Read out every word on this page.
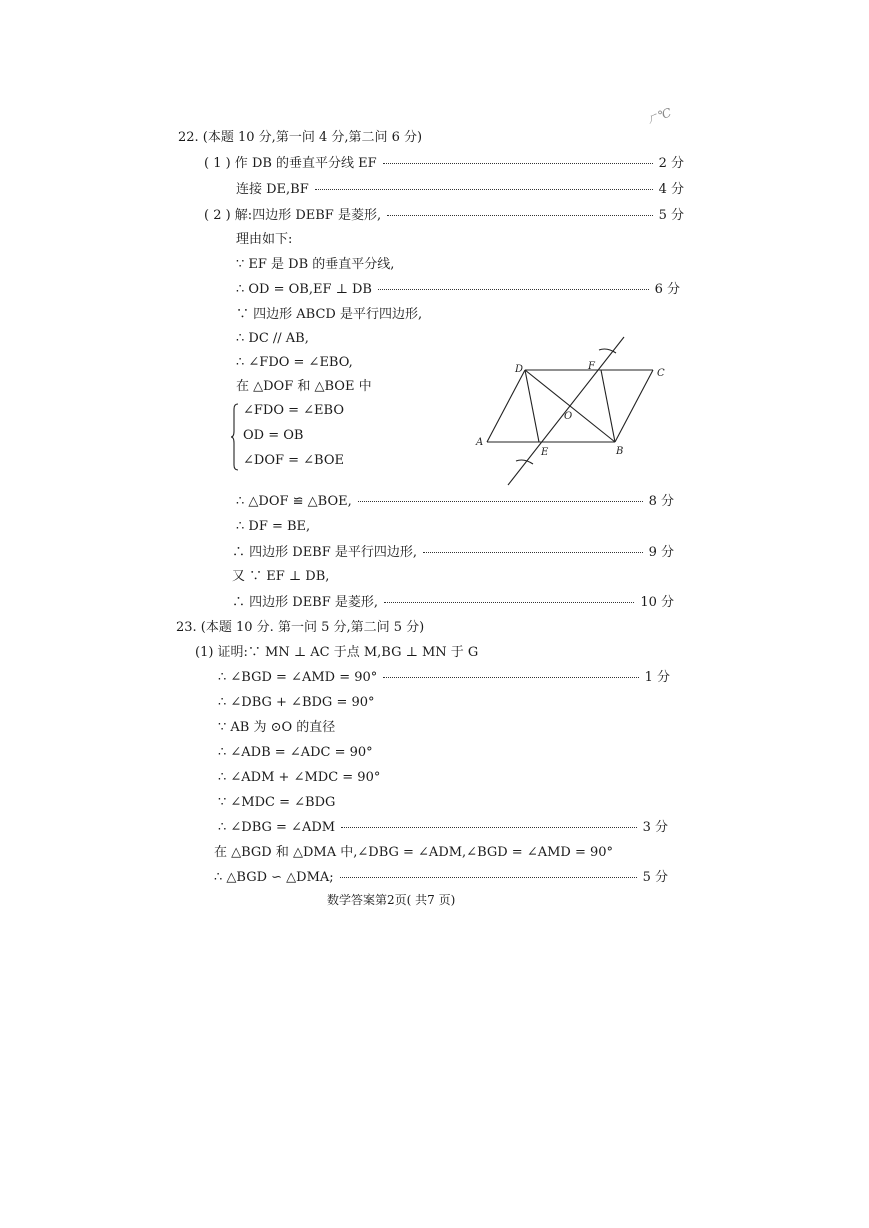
ㄏ℃
22. (本题 10 分,第一问 4 分,第二问 6 分)
( 1 ) 作 DB 的垂直平分线 EF	2 分
连接 DE,BF	4 分
( 2 ) 解:四边形 DEBF 是菱形,	5 分
理由如下:
∵ EF 是 DB 的垂直平分线,
∴ OD = OB,EF ⊥ DB	6 分
∵ 四边形 ABCD 是平行四边形,
∴ DC // AB,
∴ ∠FDO = ∠EBO,
在 △DOF 和 △BOE 中
∠FDO = ∠EBO
OD = OB
∠DOF = ∠BOE
∴ △DOF ≌ △BOE,	8 分
∴ DF = BE,
∴ 四边形 DEBF 是平行四边形,	9 分
又 ∵ EF ⊥ DB,
∴ 四边形 DEBF 是菱形,	10 分
A
B
C
D
E
F
O
23. (本题 10 分. 第一问 5 分,第二问 5 分)
(1) 证明:∵ MN ⊥ AC 于点 M,BG ⊥ MN 于 G
∴ ∠BGD = ∠AMD = 90°	1 分
∴ ∠DBG + ∠BDG = 90°
∵ AB 为 ⊙O 的直径
∴ ∠ADB = ∠ADC = 90°
∴ ∠ADM + ∠MDC = 90°
∵ ∠MDC = ∠BDG
∴ ∠DBG = ∠ADM	3 分
在 △BGD 和 △DMA 中,∠DBG = ∠ADM,∠BGD = ∠AMD = 90°
∴ △BGD ∽ △DMA;	5 分
数学答案第2页( 共7 页)
